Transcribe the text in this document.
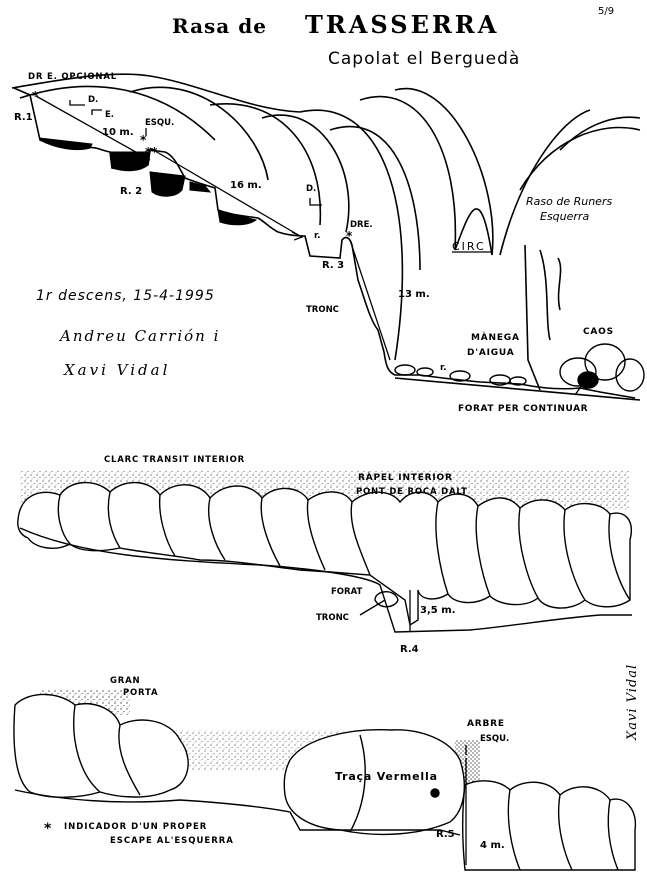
5/9
Rasa de TRASSERRA
Capolat el Berguedà
DR E. OPCIONAL
R.1
*	D.
E.
ESQU.
*
**
10 m.
R. 2
16 m.	D.
r.
DRE.
*
R. 3
CIRC
Raso de Runers
Esquerra
13 m.
TRONC
MÀNEGA
D'AIGUA
CAOS
r.
FORAT PER CONTINUAR
1r descens, 15-4-1995
Andreu Carrión i
Xavi Vidal
CLARC TRANSIT INTERIOR
RÀPEL INTERIOR
PONT DE ROCA DALT
FORAT
TRONC
3,5 m.
R.4
GRAN
PORTA
ARBRE
ESQU.
Traça Vermella
INDICADOR D'UN PROPER
ESCAPE AL'ESQUERRA
R.5
4 m.
*
Xavi Vidal
